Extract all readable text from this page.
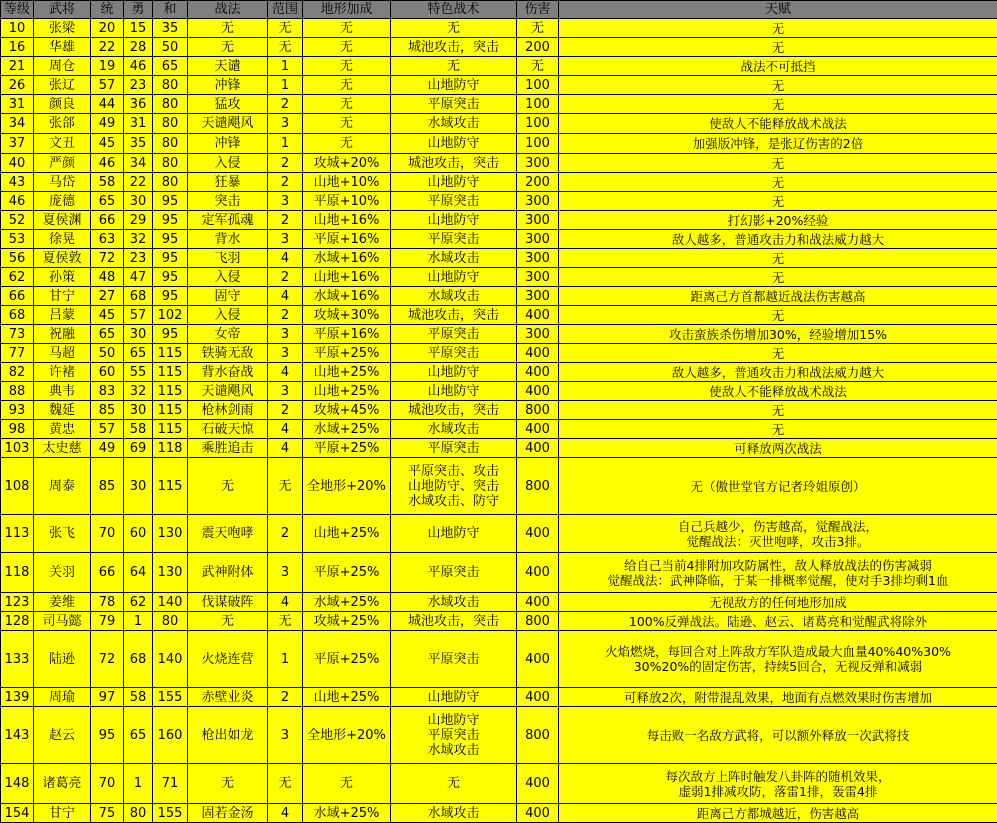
等级	武将	统	勇	和	战法	范围	地形加成	特色战术	伤害	天赋
10	张梁	20	15	35	无	无	无	无	无	无
16	华雄	22	28	50	无	无	无	城池攻击，突击	200	无
21	周仓	19	46	65	天谴	1	无	无	无	战法不可抵挡
26	张辽	57	23	80	冲锋	1	无	山地防守	100	无
31	颜良	44	36	80	猛攻	2	无	平原突击	100	无
34	张郃	49	31	80	天谴飓风	3	无	水域攻击	100	使敌人不能释放战术战法
37	文丑	45	35	80	冲锋	1	无	山地防守	100	加强版冲锋，是张辽伤害的2倍
40	严颜	46	34	80	入侵	2	攻城+20%	城池攻击，突击	300	无
43	马岱	58	22	80	狂暴	2	山地+10%	山地防守	200	无
46	庞德	65	30	95	突击	3	平原+10%	平原突击	300	无
52	夏侯渊	66	29	95	定军孤魂	2	山地+16%	山地防守	300	打幻影+20%经验
53	徐晃	63	32	95	背水	3	平原+16%	平原突击	300	敌人越多，普通攻击力和战法威力越大
56	夏侯敦	72	23	95	飞羽	4	水域+16%	水域攻击	300	无
62	孙策	48	47	95	入侵	2	山地+16%	山地防守	300	无
66	甘宁	27	68	95	固守	4	水域+16%	水域攻击	300	距离己方首都越近战法伤害越高
68	吕蒙	45	57	102	入侵	2	攻城+30%	城池攻击，突击	400	无
73	祝融	65	30	95	女帝	3	平原+16%	平原突击	300	攻击蛮族杀伤增加30%，经验增加15%
77	马超	50	65	115	铁骑无敌	3	平原+25%	平原突击	400	无
82	许褚	60	55	115	背水奋战	4	山地+25%	山地防守	400	敌人越多，普通攻击力和战法威力越大
88	典韦	83	32	115	天谴飓风	3	山地+25%	山地防守	400	使敌人不能释放战术战法
93	魏延	85	30	115	枪林剑雨	2	攻城+45%	城池攻击，突击	800	无
98	黄忠	57	58	115	石破天惊	4	水域+25%	水域攻击	400	无
103	太史慈	49	69	118	乘胜追击	4	平原+25%	平原突击	400	可释放两次战法
108	周泰	85	30	115	无	无	全地形+20%	平原突击、攻击
山地防守、突击
水域攻击、防守	800	无（傲世堂官方记者玲姐原创）
113	张飞	70	60	130	震天咆哮	2	山地+25%	山地防守	400	自己兵越少，伤害越高，觉醒战法，
觉醒战法：灭世咆哮，攻击3排。
118	关羽	66	64	130	武神附体	3	平原+25%	平原突击	400	给自己当前4排附加攻防属性，敌人释放战法的伤害减弱
觉醒战法：武神降临，于某一排概率觉醒，使对手3排均剩1血
123	姜维	78	62	140	伐谋破阵	4	水域+25%	水域攻击	400	无视敌方的任何地形加成
128	司马懿	79	1	80	无	无	攻城+25%	城池攻击，突击	800	100%反弹战法。陆逊、赵云、诸葛亮和觉醒武将除外
133	陆逊	72	68	140	火烧连营	1	平原+25%	平原突击	400	火焰燃烧，每回合对上阵敌方军队造成最大血量40%40%30%
30%20%的固定伤害，持续5回合，无视反弹和减弱
139	周瑜	97	58	155	赤壁业炎	2	山地+25%	山地防守	400	可释放2次，附带混乱效果，地面有点燃效果时伤害增加
143	赵云	95	65	160	枪出如龙	3	全地形+20%	山地防守
平原突击
水域攻击	800	每击败一名敌方武将，可以额外释放一次武将技
148	诸葛亮	70	1	71	无	无	无	无	400	每次敌方上阵时触发八卦阵的随机效果，
虚弱1排减攻防，落雷1排，轰雷4排
154	甘宁	75	80	155	固若金汤	4	水域+25%	水域攻击	400	距离己方都城越近，伤害越高
